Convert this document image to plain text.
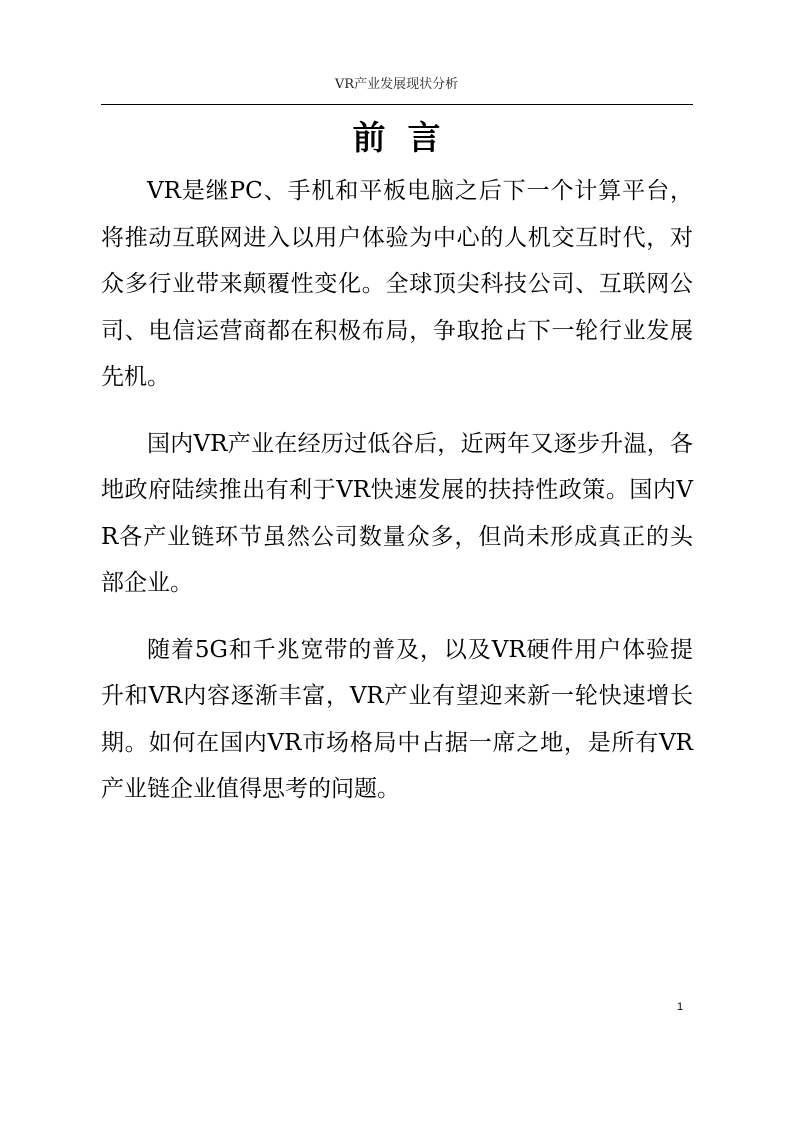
VR产业发展现状分析
前言

VR是继PC、手机和平板电脑之后下一个计算平台，将推动互联网进入以用户体验为中心的人机交互时代，对众多行业带来颠覆性变化。全球顶尖科技公司、互联网公司、电信运营商都在积极布局，争取抢占下一轮行业发展先机。

国内VR产业在经历过低谷后，近两年又逐步升温，各地政府陆续推出有利于VR快速发展的扶持性政策。国内VR各产业链环节虽然公司数量众多，但尚未形成真正的头部企业。

随着5G和千兆宽带的普及，以及VR硬件用户体验提升和VR内容逐渐丰富，VR产业有望迎来新一轮快速增长期。如何在国内VR市场格局中占据一席之地，是所有VR产业链企业值得思考的问题。

1
